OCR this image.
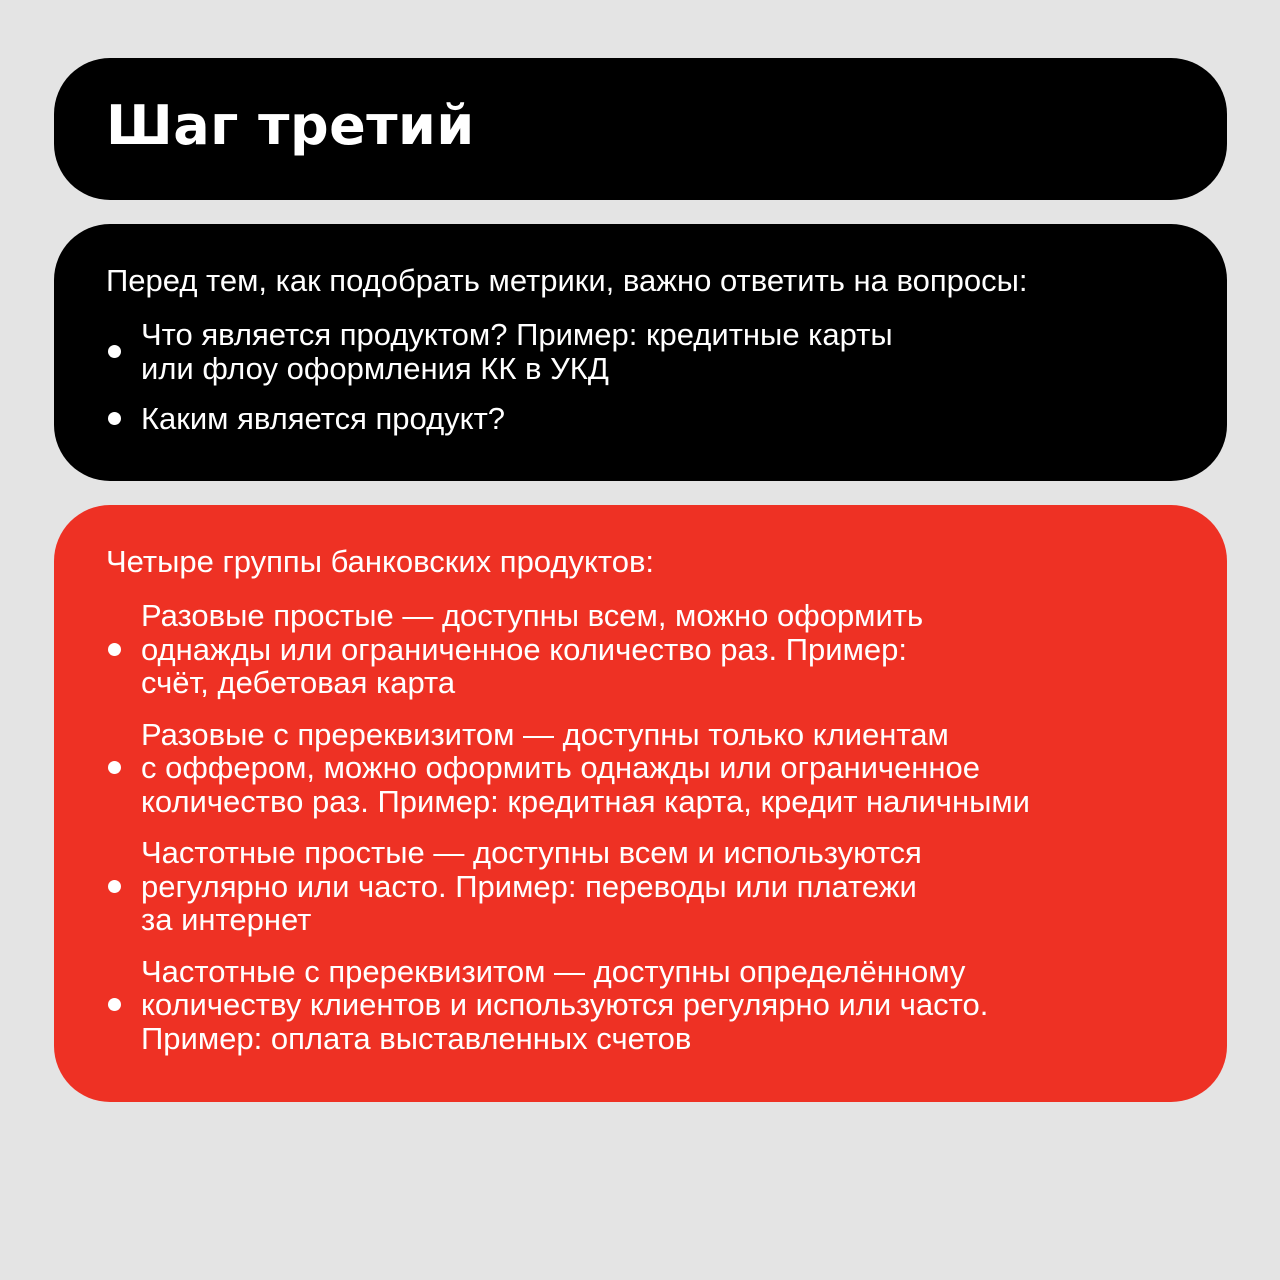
Шаг третий

Перед тем, как подобрать метрики, важно ответить на вопросы:

Что является продуктом? Пример: кредитные карты
или флоу оформления КК в УКД
Каким является продукт?

Четыре группы банковских продуктов:

Разовые простые — доступны всем, можно оформить
однажды или ограниченное количество раз. Пример:
счёт, дебетовая карта
Разовые с пререквизитом — доступны только клиентам
с оффером, можно оформить однажды или ограниченное
количество раз. Пример: кредитная карта, кредит наличными
Частотные простые — доступны всем и используются
регулярно или часто. Пример: переводы или платежи
за интернет
Частотные с пререквизитом — доступны определённому
количеству клиентов и используются регулярно или часто.
Пример: оплата выставленных счетов
